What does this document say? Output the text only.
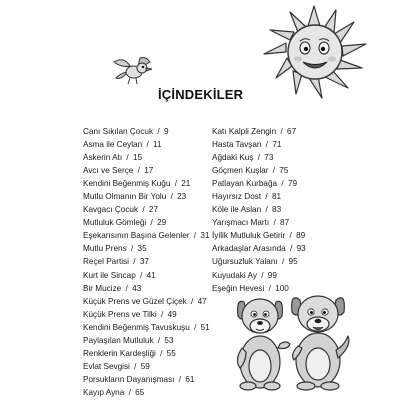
İÇİNDEKİLER
Canı Sıkılan Çocuk / 9
Asma ile Ceylan / 11
Askerin Atı / 15
Avcı ve Serçe / 17
Kendini Beğenmiş Kuğu / 21
Mutlu Olmanın Bir Yolu / 23
Kavgacı Çocuk / 27
Mutluluk Gömleği / 29
Eşekarısının Başına Gelenler / 31
Mutlu Prens / 35
Reçel Partisi / 37
Kurt ile Sincap / 41
Bir Mucize / 43
Küçük Prens ve Güzel Çiçek / 47
Küçük Prens ve Tilki / 49
Kendini Beğenmiş Tavuskuşu / 51
Paylaşılan Mutluluk / 53
Renklerin Kardeşliği / 55
Evlat Sevgisi / 59
Porsukların Dayanışması / 61
Kayıp Ayna / 65
Katı Kalpli Zengin / 67
Hasta Tavşan / 71
Ağdaki Kuş / 73
Göçmen Kuşlar / 75
Patlayan Kurbağa / 79
Hayırsız Dost / 81
Köle ile Aslan / 83
Yarışmacı Martı / 87
İyilik Mutluluk Getirir / 89
Arkadaşlar Arasında / 93
Uğursuzluk Yalanı / 95
Kuyudaki Ay / 99
Eşeğin Hevesi / 100
